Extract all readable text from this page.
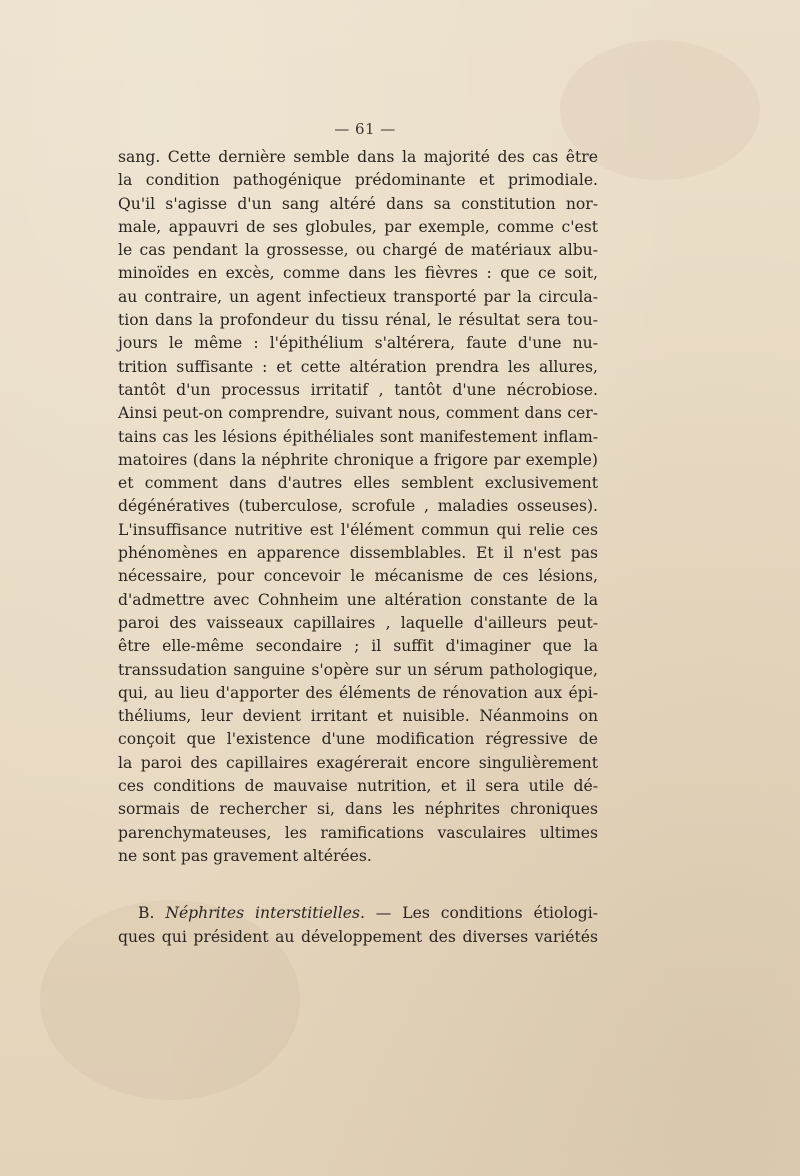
— 61 —
sang. Cette dernière semble dans la majorité des cas être
la condition pathogénique prédominante et primodiale.
Qu'il s'agisse d'un sang altéré dans sa constitution nor-
male, appauvri de ses globules, par exemple, comme c'est
le cas pendant la grossesse, ou chargé de matériaux albu-
minoïdes en excès, comme dans les fièvres : que ce soit,
au contraire, un agent infectieux transporté par la circula-
tion dans la profondeur du tissu rénal, le résultat sera tou-
jours le même : l'épithélium s'altérera, faute d'une nu-
trition suffisante : et cette altération prendra les allures,
tantôt d'un processus irritatif , tantôt d'une nécrobiose.
Ainsi peut-on comprendre, suivant nous, comment dans cer-
tains cas les lésions épithéliales sont manifestement inflam-
matoires (dans la néphrite chronique a frigore par exemple)
et comment dans d'autres elles semblent exclusivement
dégénératives (tuberculose, scrofule , maladies osseuses).
L'insuffisance nutritive est l'élément commun qui relie ces
phénomènes en apparence dissemblables. Et il n'est pas
nécessaire, pour concevoir le mécanisme de ces lésions,
d'admettre avec Cohnheim une altération constante de la
paroi des vaisseaux capillaires , laquelle d'ailleurs peut-
être elle-même secondaire ; il suffit d'imaginer que la
transsudation sanguine s'opère sur un sérum pathologique,
qui, au lieu d'apporter des éléments de rénovation aux épi-
théliums, leur devient irritant et nuisible. Néanmoins on
conçoit que l'existence d'une modification régressive de
la paroi des capillaires exagérerait encore singulièrement
ces conditions de mauvaise nutrition, et il sera utile dé-
sormais de rechercher si, dans les néphrites chroniques
parenchymateuses, les ramifications vasculaires ultimes
ne sont pas gravement altérées.
B. Néphrites interstitielles. — Les conditions étiologi-
ques qui président au développement des diverses variétés
